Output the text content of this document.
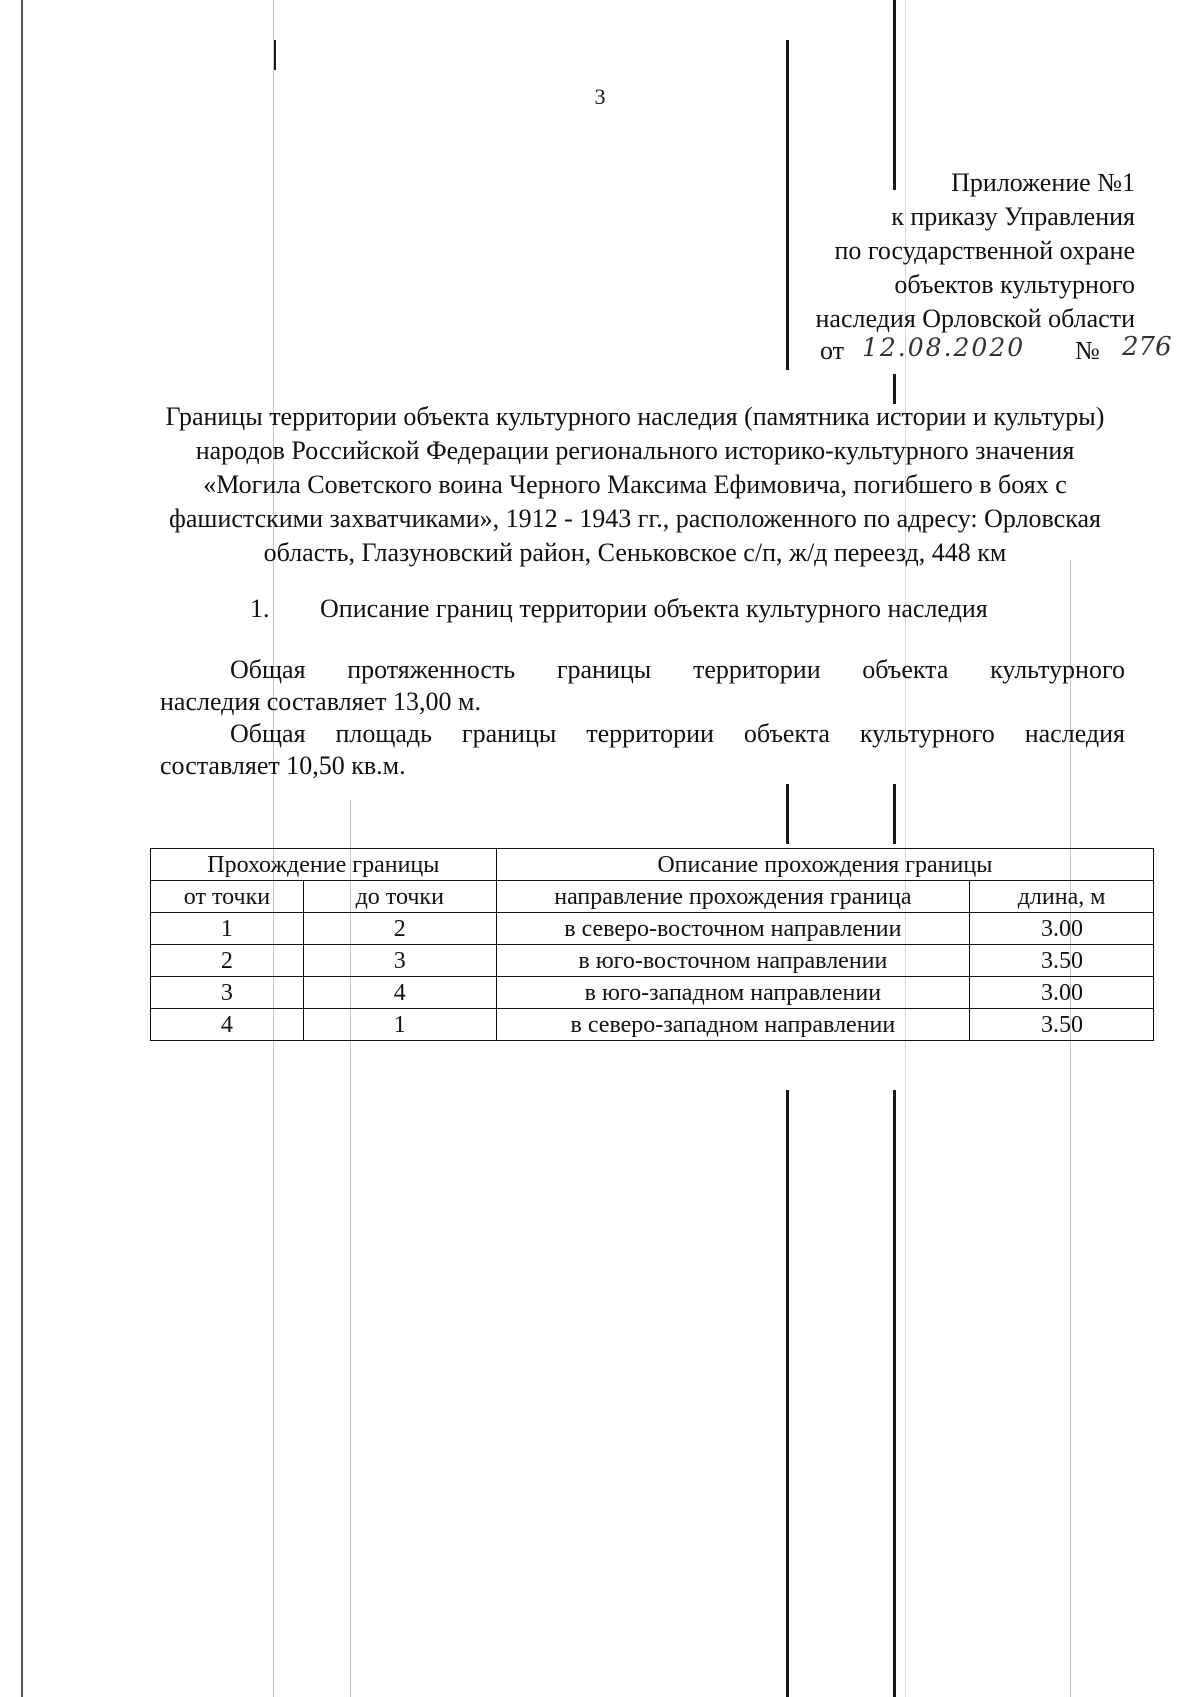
3
Приложение №1
к приказу Управления
по государственной охране
объектов культурного
наследия Орловской области
от 12.08.2020 № 276
Границы территории объекта культурного наследия (памятника истории и культуры) народов Российской Федерации регионального историко-культурного значения «Могила Советского воина Черного Максима Ефимовича, погибшего в боях с фашистскими захватчиками», 1912 - 1943 гг., расположенного по адресу: Орловская область, Глазуновский район, Сеньковское с/п, ж/д переезд, 448 км
1. Описание границ территории объекта культурного наследия
Общая протяженность границы территории объекта культурного
наследия составляет 13,00 м.
Общая площадь границы территории объекта культурного наследия
составляет 10,50 кв.м.
Прохождение границы		Описание прохождения границы	
от точки	до точки	направление прохождения граница	длина, м
1	2	в северо-восточном направлении	3.00
2	3	в юго-восточном направлении	3.50
3	4	в юго-западном направлении	3.00
4	1	в северо-западном направлении	3.50
